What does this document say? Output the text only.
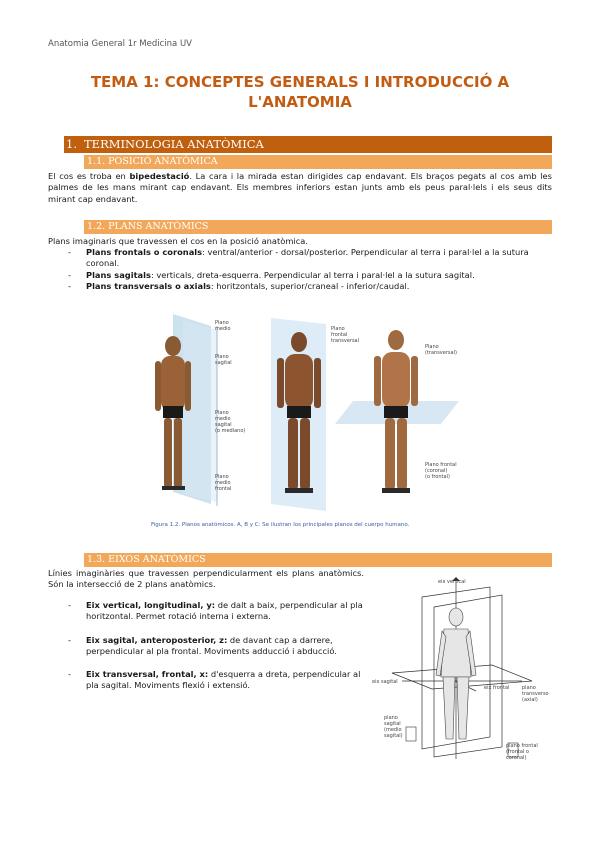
Anatomia General 1r Medicina UV
TEMA 1: CONCEPTES GENERALS I INTRODUCCIÓ A
L'ANATOMIA
1. TERMINOLOGIA ANATÒMICA
1.1. POSICIÓ ANATÒMICA
El cos es troba en bipedestació. La cara i la mirada estan dirigides cap endavant. Els braços pegats al cos amb les palmes de les mans mirant cap endavant. Els membres inferiors estan junts amb els peus paral·lels i els seus dits mirant cap endavant.
1.2. PLANS ANATÒMICS
Plans imaginaris que travessen el cos en la posició anatòmica.
- Plans frontals o coronals: ventral/anterior - dorsal/posterior. Perpendicular al terra i paral·lel a la sutura coronal.
- Plans sagitals: verticals, dreta-esquerra. Perpendicular al terra i paral·lel a la sutura sagital.
- Plans transversals o axials: horitzontals, superior/craneal - inferior/caudal.
Plano
medio
Plano
sagital
Plano
medio
sagital
(o mediano)
Plano
medio
frontal
Plano
frontal
transversal
Plano
(transversal)
Plano frontal
(coronal)
(o frontal)
Figura 1.2. Planos anatómicos. A, B y C: Se ilustran los principales planos del cuerpo humano.
1.3. EIXOS ANATÒMICS
Línies imaginàries que travessen perpendicularment els plans anatòmics. Són la intersecció de 2 plans anatòmics.
- Eix vertical, longitudinal, y: de dalt a baix, perpendicular al pla horitzontal. Permet rotació interna i externa.
- Eix sagital, anteroposterior, z: de davant cap a darrere, perpendicular al pla frontal. Moviments adducció i abducció.
- Eix transversal, frontal, x: d'esquerra a dreta, perpendicular al pla sagital. Moviments flexió i extensió.
eix vertical
eix sagital
eix frontal	plano
transverso
(axial)
plano
sagital
(medio
sagital)
plano frontal
(frontal o
coronal)
